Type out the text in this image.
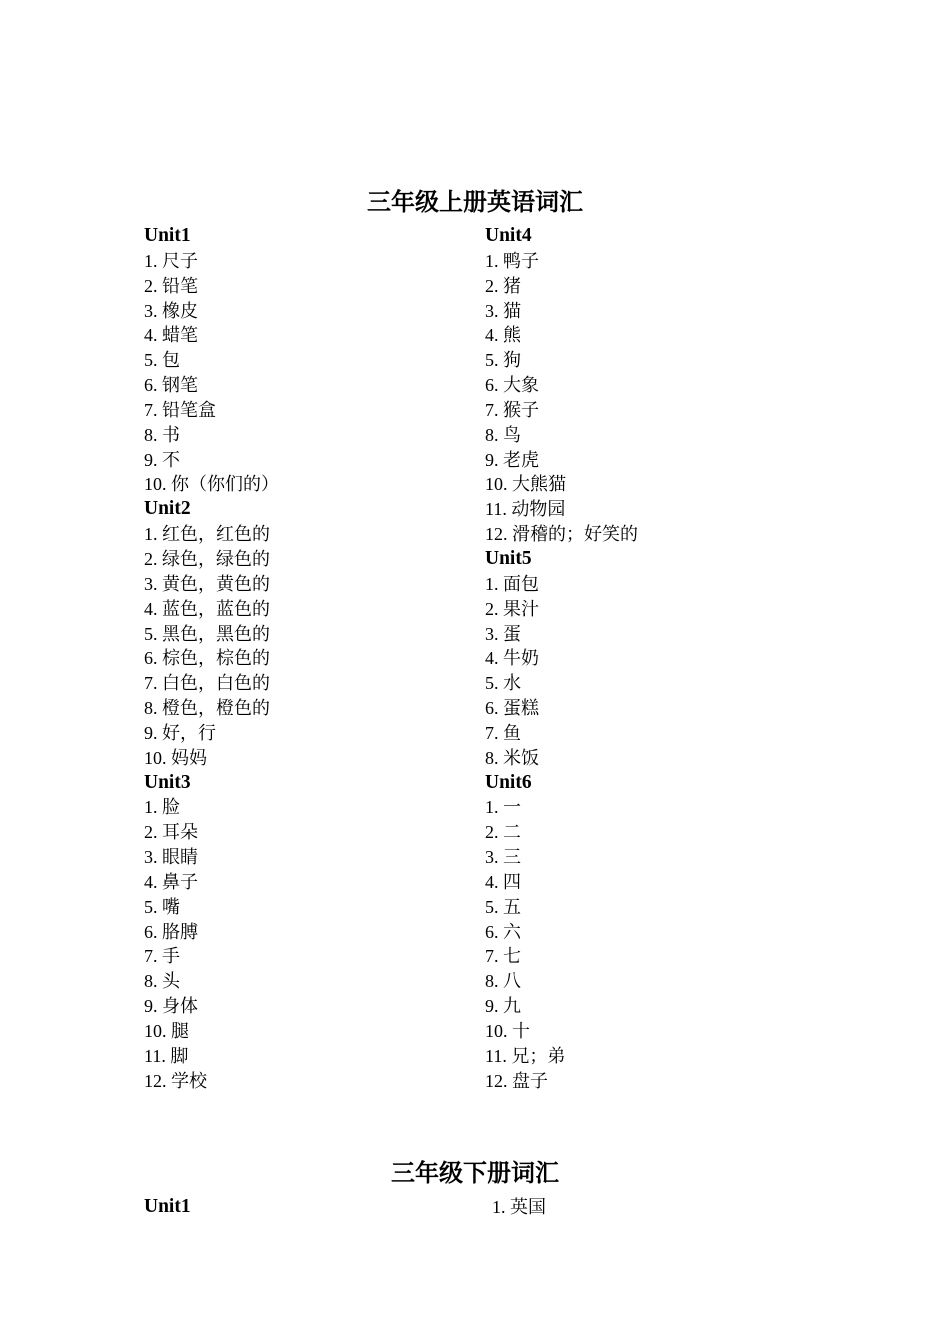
三年级上册英语词汇
Unit1
1. 尺子
2. 铅笔
3. 橡皮
4. 蜡笔
5. 包
6. 钢笔
7. 铅笔盒
8. 书
9. 不
10. 你（你们的）
Unit2
1. 红色，红色的
2. 绿色，绿色的
3. 黄色，黄色的
4. 蓝色，蓝色的
5. 黑色，黑色的
6. 棕色，棕色的
7. 白色，白色的
8. 橙色，橙色的
9. 好，行
10. 妈妈
Unit3
1. 脸
2. 耳朵
3. 眼睛
4. 鼻子
5. 嘴
6. 胳膊
7. 手
8. 头
9. 身体
10. 腿
11. 脚
12. 学校
Unit4
1. 鸭子
2. 猪
3. 猫
4. 熊
5. 狗
6. 大象
7. 猴子
8. 鸟
9. 老虎
10. 大熊猫
11. 动物园
12. 滑稽的；好笑的
Unit5
1. 面包
2. 果汁
3. 蛋
4. 牛奶
5. 水
6. 蛋糕
7. 鱼
8. 米饭
Unit6
1. 一
2. 二
3. 三
4. 四
5. 五
6. 六
7. 七
8. 八
9. 九
10. 十
11. 兄；弟
12. 盘子
三年级下册词汇
Unit1	1. 英国
